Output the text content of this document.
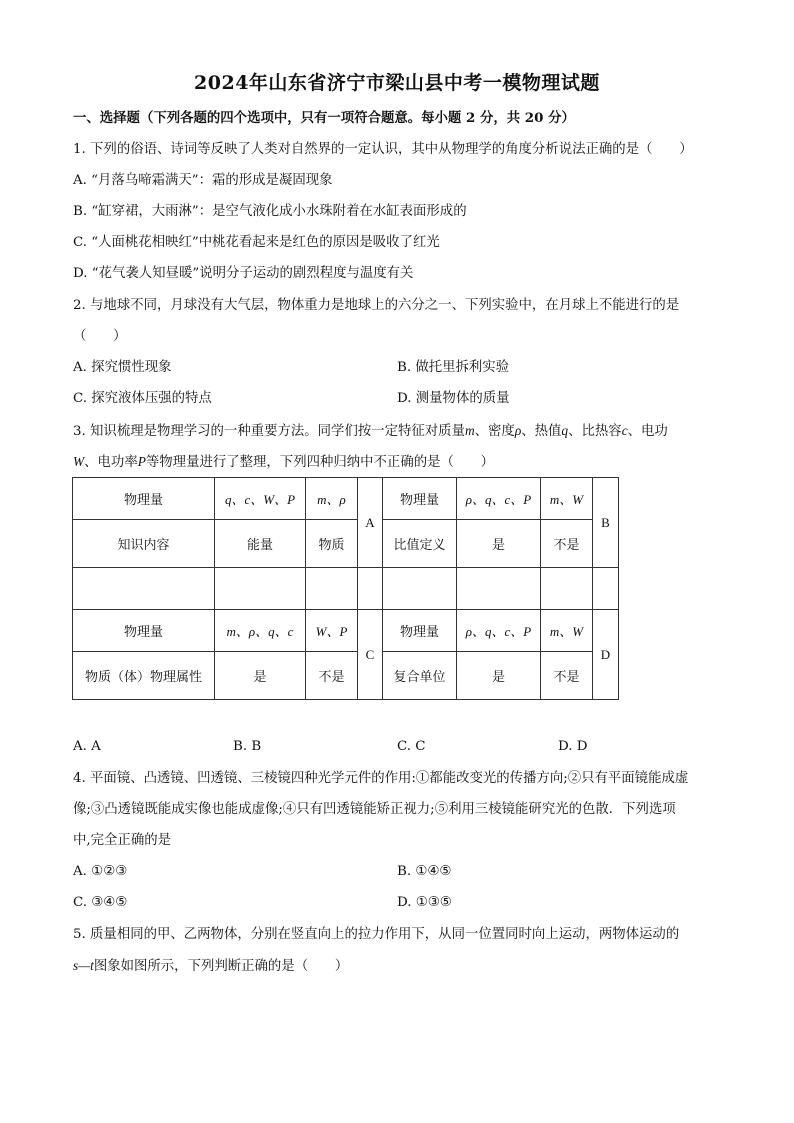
2024年山东省济宁市梁山县中考一模物理试题
一、选择题（下列各题的四个选项中，只有一项符合题意。每小题 2 分，共 20 分）
1. 下列的俗语、诗词等反映了人类对自然界的一定认识，其中从物理学的角度分析说法正确的是（　　）
A. “月落乌啼霜满天”：霜的形成是凝固现象
B. “缸穿裙，大雨淋”：是空气液化成小水珠附着在水缸表面形成的
C. “人面桃花相映红”中桃花看起来是红色的原因是吸收了红光
D. “花气袭人知昼暖”说明分子运动的剧烈程度与温度有关
2. 与地球不同，月球没有大气层，物体重力是地球上的六分之一、下列实验中，在月球上不能进行的是
（　　）
A. 探究惯性现象	B. 做托里拆利实验
C. 探究液体压强的特点	D. 测量物体的质量
3. 知识梳理是物理学习的一种重要方法。同学们按一定特征对质量m、密度ρ、热值q、比热容c、电功
W、电功率P等物理量进行了整理，下列四种归纳中不正确的是（　　）
物理量	q、c、W、P	m、ρ	A	物理量	ρ、q、c、P	m、W	B
知识内容	能量	物质		比值定义	是	不是	

物理量	m、ρ、q、c	W、P	C	物理量	ρ、q、c、P	m、W	D
物质（体）物理属性	是	不是		复合单位	是	不是	
A. A	B. B	C. C	D. D
4. 平面镜、凸透镜、凹透镜、三棱镜四种光学元件的作用:①都能改变光的传播方向;②只有平面镜能成虚
像;③凸透镜既能成实像也能成虚像;④只有凹透镜能矫正视力;⑤利用三棱镜能研究光的色散．下列选项
中,完全正确的是
A. ①②③	B. ①④⑤
C. ③④⑤	D. ①③⑤
5. 质量相同的甲、乙两物体，分别在竖直向上的拉力作用下，从同一位置同时向上运动，两物体运动的
s—t图象如图所示，下列判断正确的是（　　）
